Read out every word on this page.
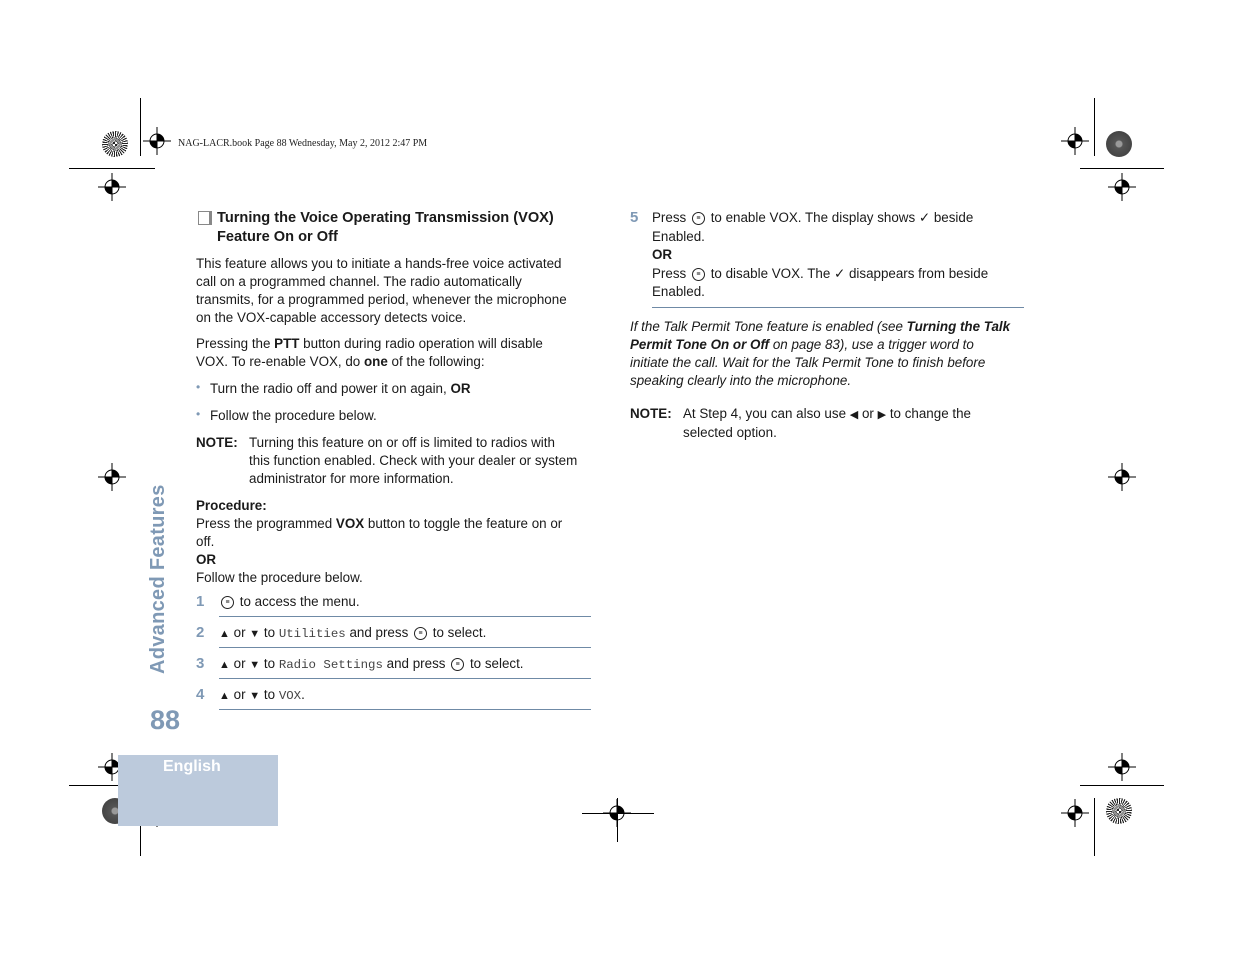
NAG-LACR.book Page 88 Wednesday, May 2, 2012 2:47 PM
Turning the Voice Operating Transmission (VOX)
Feature On or Off

This feature allows you to initiate a hands-free voice activated

call on a programmed channel. The radio automatically

transmits, for a programmed period, whenever the microphone

on the VOX-capable accessory detects voice.

Pressing the PTT button during radio operation will disable

VOX. To re-enable VOX, do one of the following:

• Turn the radio off and power it on again, OR
• Follow the procedure below.
NOTE: Turning this feature on or off is limited to radios with

this function enabled. Check with your dealer or system

administrator for more information.

Procedure:

Press the programmed VOX button to toggle the feature on or

off.

OR

Follow the procedure below.

1	≡ to access the menu.
2 ▲ or ▼ to Utilities and press ≡ to select.
3 ▲ or ▼ to Radio Settings and press ≡ to select.
4 ▲ or ▼ to VOX.
5 Press ≡ to enable VOX. The display shows ✓ beside

Enabled.

OR

Press ≡ to disable VOX. The ✓ disappears from beside

Enabled.

If the Talk Permit Tone feature is enabled (see Turning the Talk

Permit Tone On or Off on page 83), use a trigger word to

initiate the call. Wait for the Talk Permit Tone to finish before

speaking clearly into the microphone.

NOTE: At Step 4, you can also use ◀ or ▶ to change the

selected option.

Advanced Features
88
English
